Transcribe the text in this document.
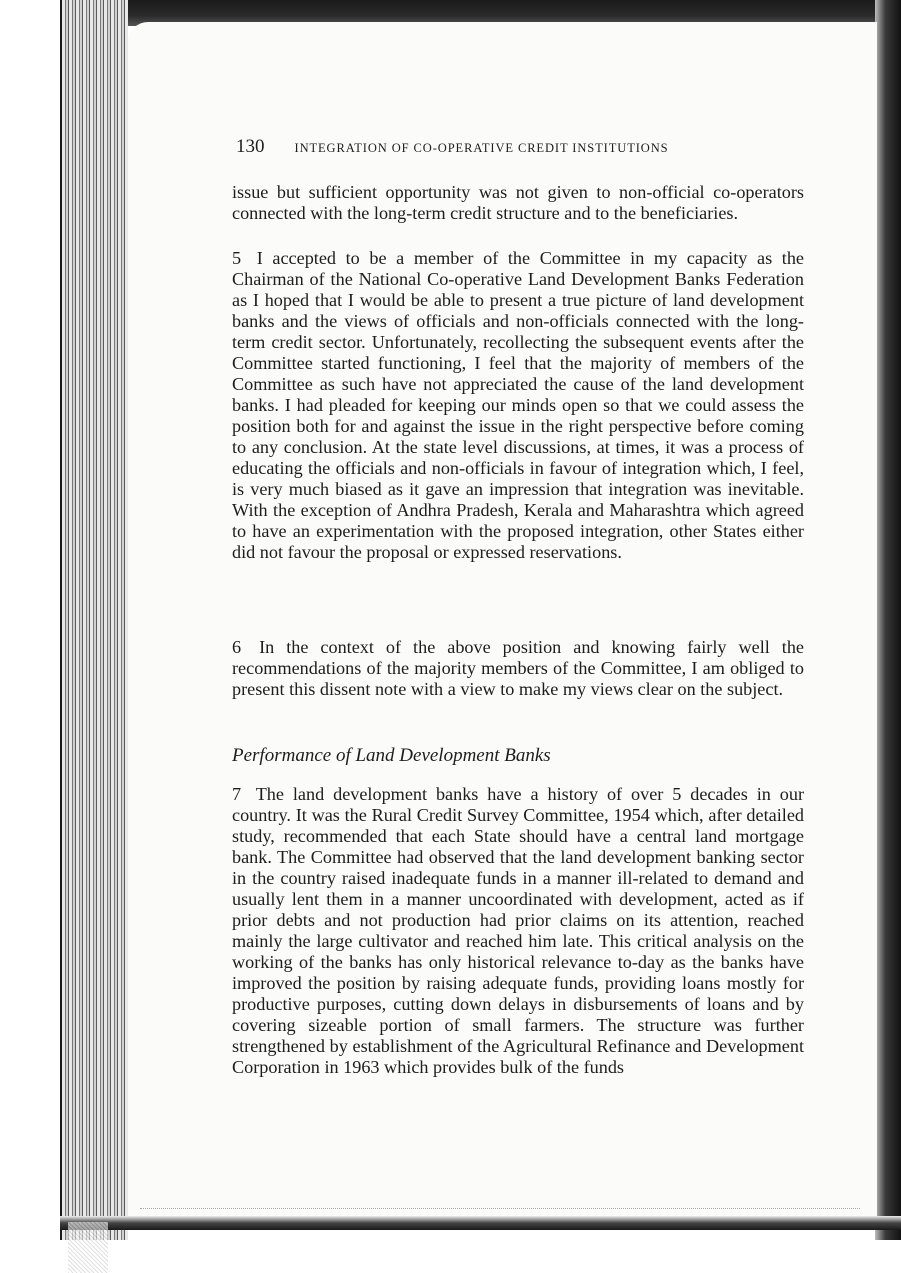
130 INTEGRATION OF CO-OPERATIVE CREDIT INSTITUTIONS

issue but sufficient opportunity was not given to non-official co-operators connected with the long-term credit structure and to the beneficiaries.

5 I accepted to be a member of the Committee in my capacity as the Chairman of the National Co-operative Land Development Banks Federation as I hoped that I would be able to present a true picture of land development banks and the views of officials and non-officials connected with the long-term credit sector. Unfortunately, recollecting the subsequent events after the Committee started functioning, I feel that the majority of members of the Committee as such have not appreciated the cause of the land development banks. I had pleaded for keeping our minds open so that we could assess the position both for and against the issue in the right perspective before coming to any conclusion. At the state level discussions, at times, it was a process of educating the officials and non-officials in favour of integration which, I feel, is very much biased as it gave an impression that integration was inevitable. With the exception of Andhra Pradesh, Kerala and Maharashtra which agreed to have an experimentation with the proposed integration, other States either did not favour the proposal or expressed reservations.

6 In the context of the above position and knowing fairly well the recommendations of the majority members of the Committee, I am obliged to present this dissent note with a view to make my views clear on the subject.

Performance of Land Development Banks

7 The land development banks have a history of over 5 decades in our country. It was the Rural Credit Survey Committee, 1954 which, after detailed study, recommended that each State should have a central land mortgage bank. The Committee had observed that the land development banking sector in the country raised inadequate funds in a manner ill-related to demand and usually lent them in a manner uncoordinated with development, acted as if prior debts and not production had prior claims on its attention, reached mainly the large cultivator and reached him late. This critical analysis on the working of the banks has only historical relevance to-day as the banks have improved the position by raising adequate funds, providing loans mostly for productive purposes, cutting down delays in disbursements of loans and by covering sizeable portion of small farmers. The structure was further strengthened by establishment of the Agricultural Refinance and Development Corporation in 1963 which provides bulk of the funds
